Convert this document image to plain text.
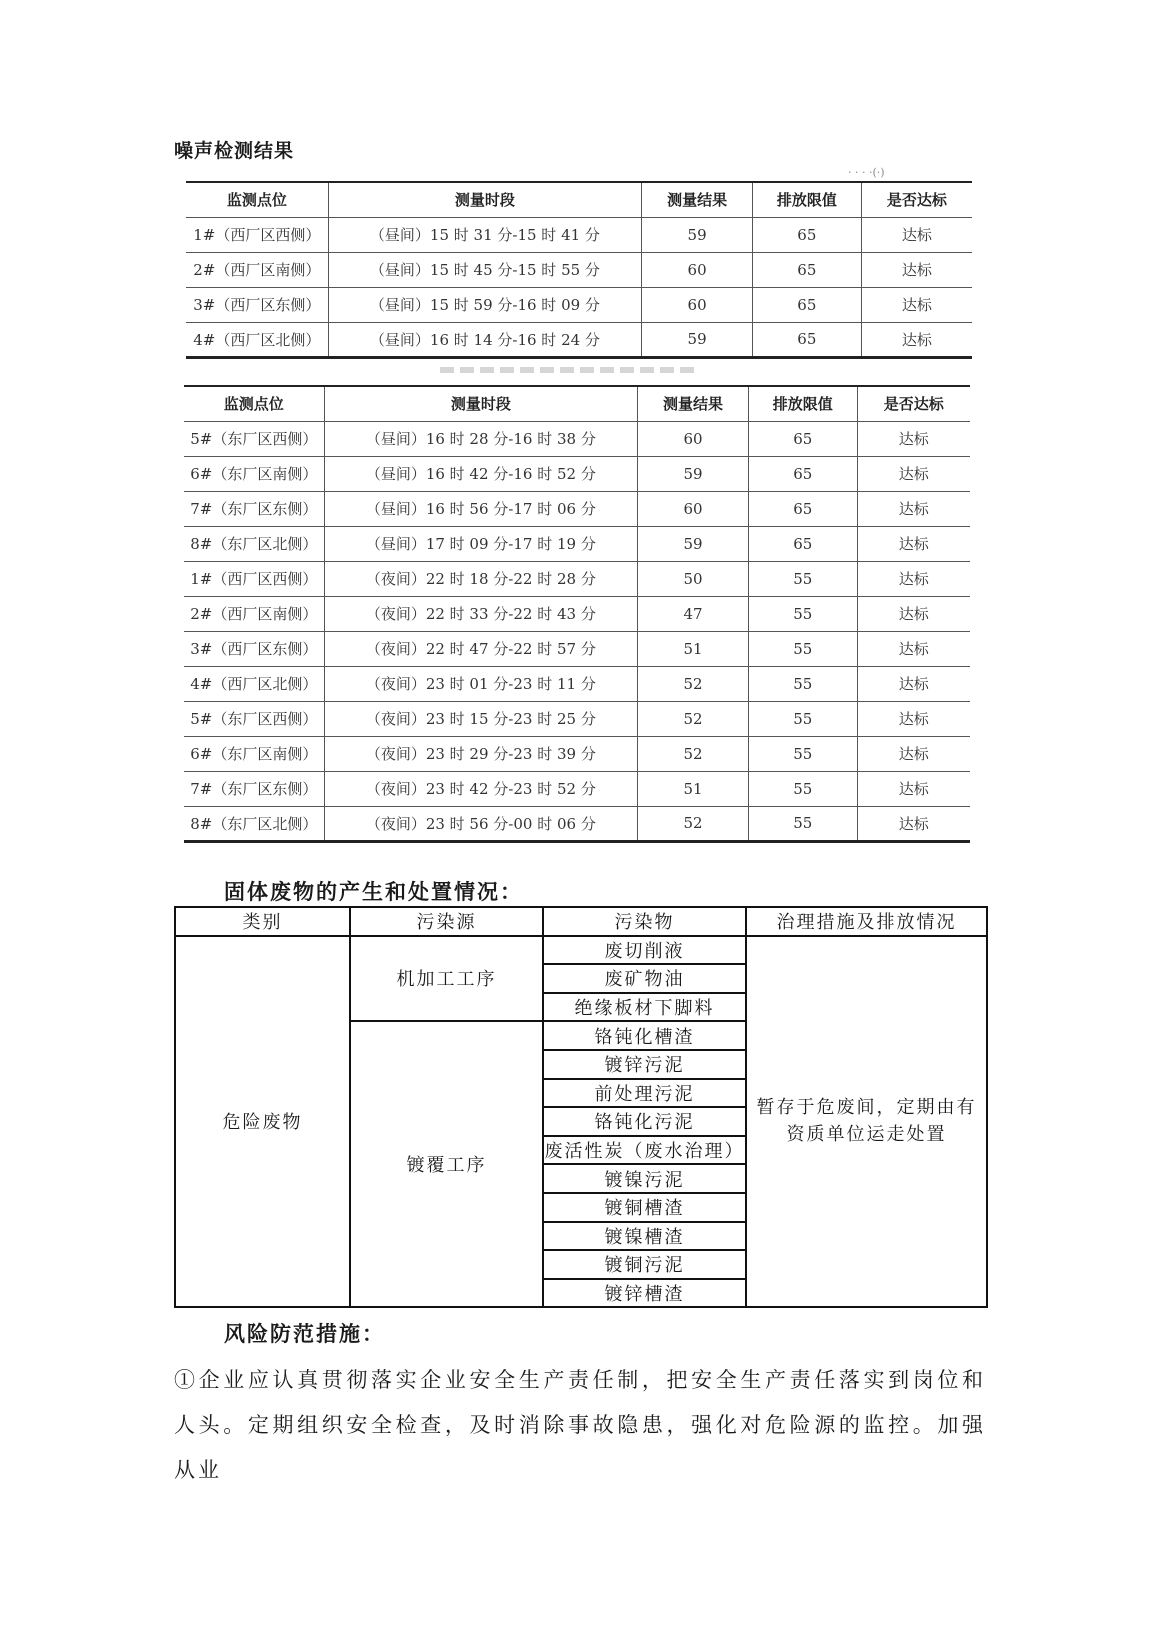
噪声检测结果
· · · ·(·)
监测点位	测量时段	测量结果	排放限值	是否达标
1#（西厂区西侧）	（昼间）15 时 31 分-15 时 41 分	59	65	达标
2#（西厂区南侧）	（昼间）15 时 45 分-15 时 55 分	60	65	达标
3#（西厂区东侧）	（昼间）15 时 59 分-16 时 09 分	60	65	达标
4#（西厂区北侧）	（昼间）16 时 14 分-16 时 24 分	59	65	达标
监测点位	测量时段	测量结果	排放限值	是否达标
5#（东厂区西侧）	（昼间）16 时 28 分-16 时 38 分	60	65	达标
6#（东厂区南侧）	（昼间）16 时 42 分-16 时 52 分	59	65	达标
7#（东厂区东侧）	（昼间）16 时 56 分-17 时 06 分	60	65	达标
8#（东厂区北侧）	（昼间）17 时 09 分-17 时 19 分	59	65	达标
1#（西厂区西侧）	（夜间）22 时 18 分-22 时 28 分	50	55	达标
2#（西厂区南侧）	（夜间）22 时 33 分-22 时 43 分	47	55	达标
3#（西厂区东侧）	（夜间）22 时 47 分-22 时 57 分	51	55	达标
4#（西厂区北侧）	（夜间）23 时 01 分-23 时 11 分	52	55	达标
5#（东厂区西侧）	（夜间）23 时 15 分-23 时 25 分	52	55	达标
6#（东厂区南侧）	（夜间）23 时 29 分-23 时 39 分	52	55	达标
7#（东厂区东侧）	（夜间）23 时 42 分-23 时 52 分	51	55	达标
8#（东厂区北侧）	（夜间）23 时 56 分-00 时 06 分	52	55	达标
固体废物的产生和处置情况：
类别	污染源	污染物	治理措施及排放情况
危险废物	机加工工序	废切削液	暂存于危废间，定期由有资质单位运走处置
		废矿物油	
		绝缘板材下脚料	
	镀覆工序	铬钝化槽渣	
		镀锌污泥	
		前处理污泥	
		铬钝化污泥	
		废活性炭（废水治理）	
		镀镍污泥	
		镀铜槽渣	
		镀镍槽渣	
		镀铜污泥	
		镀锌槽渣	
风险防范措施：
①企业应认真贯彻落实企业安全生产责任制，把安全生产责任落实到岗位和人头。定期组织安全检查，及时消除事故隐患，强化对危险源的监控。加强从业
